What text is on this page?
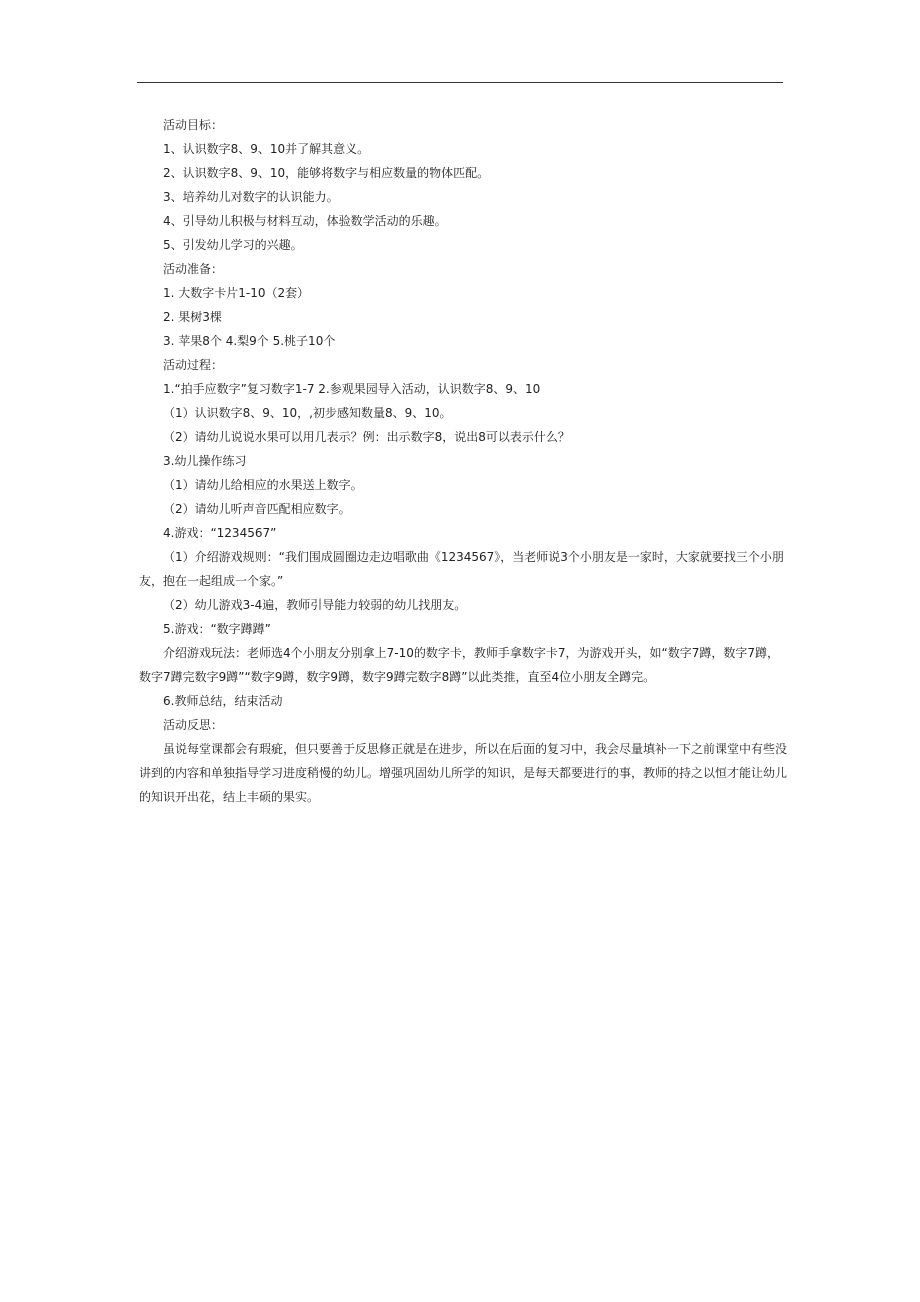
活动目标：
1、认识数字8、9、10并了解其意义。
2、认识数字8、9、10，能够将数字与相应数量的物体匹配。
3、培养幼儿对数字的认识能力。
4、引导幼儿积极与材料互动，体验数学活动的乐趣。
5、引发幼儿学习的兴趣。
活动准备：
1. 大数字卡片1-10（2套）
2. 果树3棵
3. 苹果8个 4.梨9个 5.桃子10个
活动过程：
1.“拍手应数字”复习数字1-7 2.参观果园导入活动，认识数字8、9、10
（1）认识数字8、9、10，,初步感知数量8、9、10。
（2）请幼儿说说水果可以用几表示？例：出示数字8，说出8可以表示什么？
3.幼儿操作练习
（1）请幼儿给相应的水果送上数字。
（2）请幼儿听声音匹配相应数字。
4.游戏：“1234567”
（1）介绍游戏规则：“我们围成圆圈边走边唱歌曲《1234567》，当老师说3个小朋友是一家时，大家就要找三个小朋友，抱在一起组成一个家。”
（2）幼儿游戏3-4遍，教师引导能力较弱的幼儿找朋友。
5.游戏：“数字蹲蹲”
介绍游戏玩法：老师选4个小朋友分别拿上7-10的数字卡，教师手拿数字卡7，为游戏开头，如“数字7蹲，数字7蹲，数字7蹲完数字9蹲”“数字9蹲，数字9蹲，数字9蹲完数字8蹲”以此类推，直至4位小朋友全蹲完。
6.教师总结，结束活动
活动反思：
虽说每堂课都会有瑕疵，但只要善于反思修正就是在进步，所以在后面的复习中，我会尽量填补一下之前课堂中有些没讲到的内容和单独指导学习进度稍慢的幼儿。增强巩固幼儿所学的知识，是每天都要进行的事，教师的持之以恒才能让幼儿的知识开出花，结上丰硕的果实。
